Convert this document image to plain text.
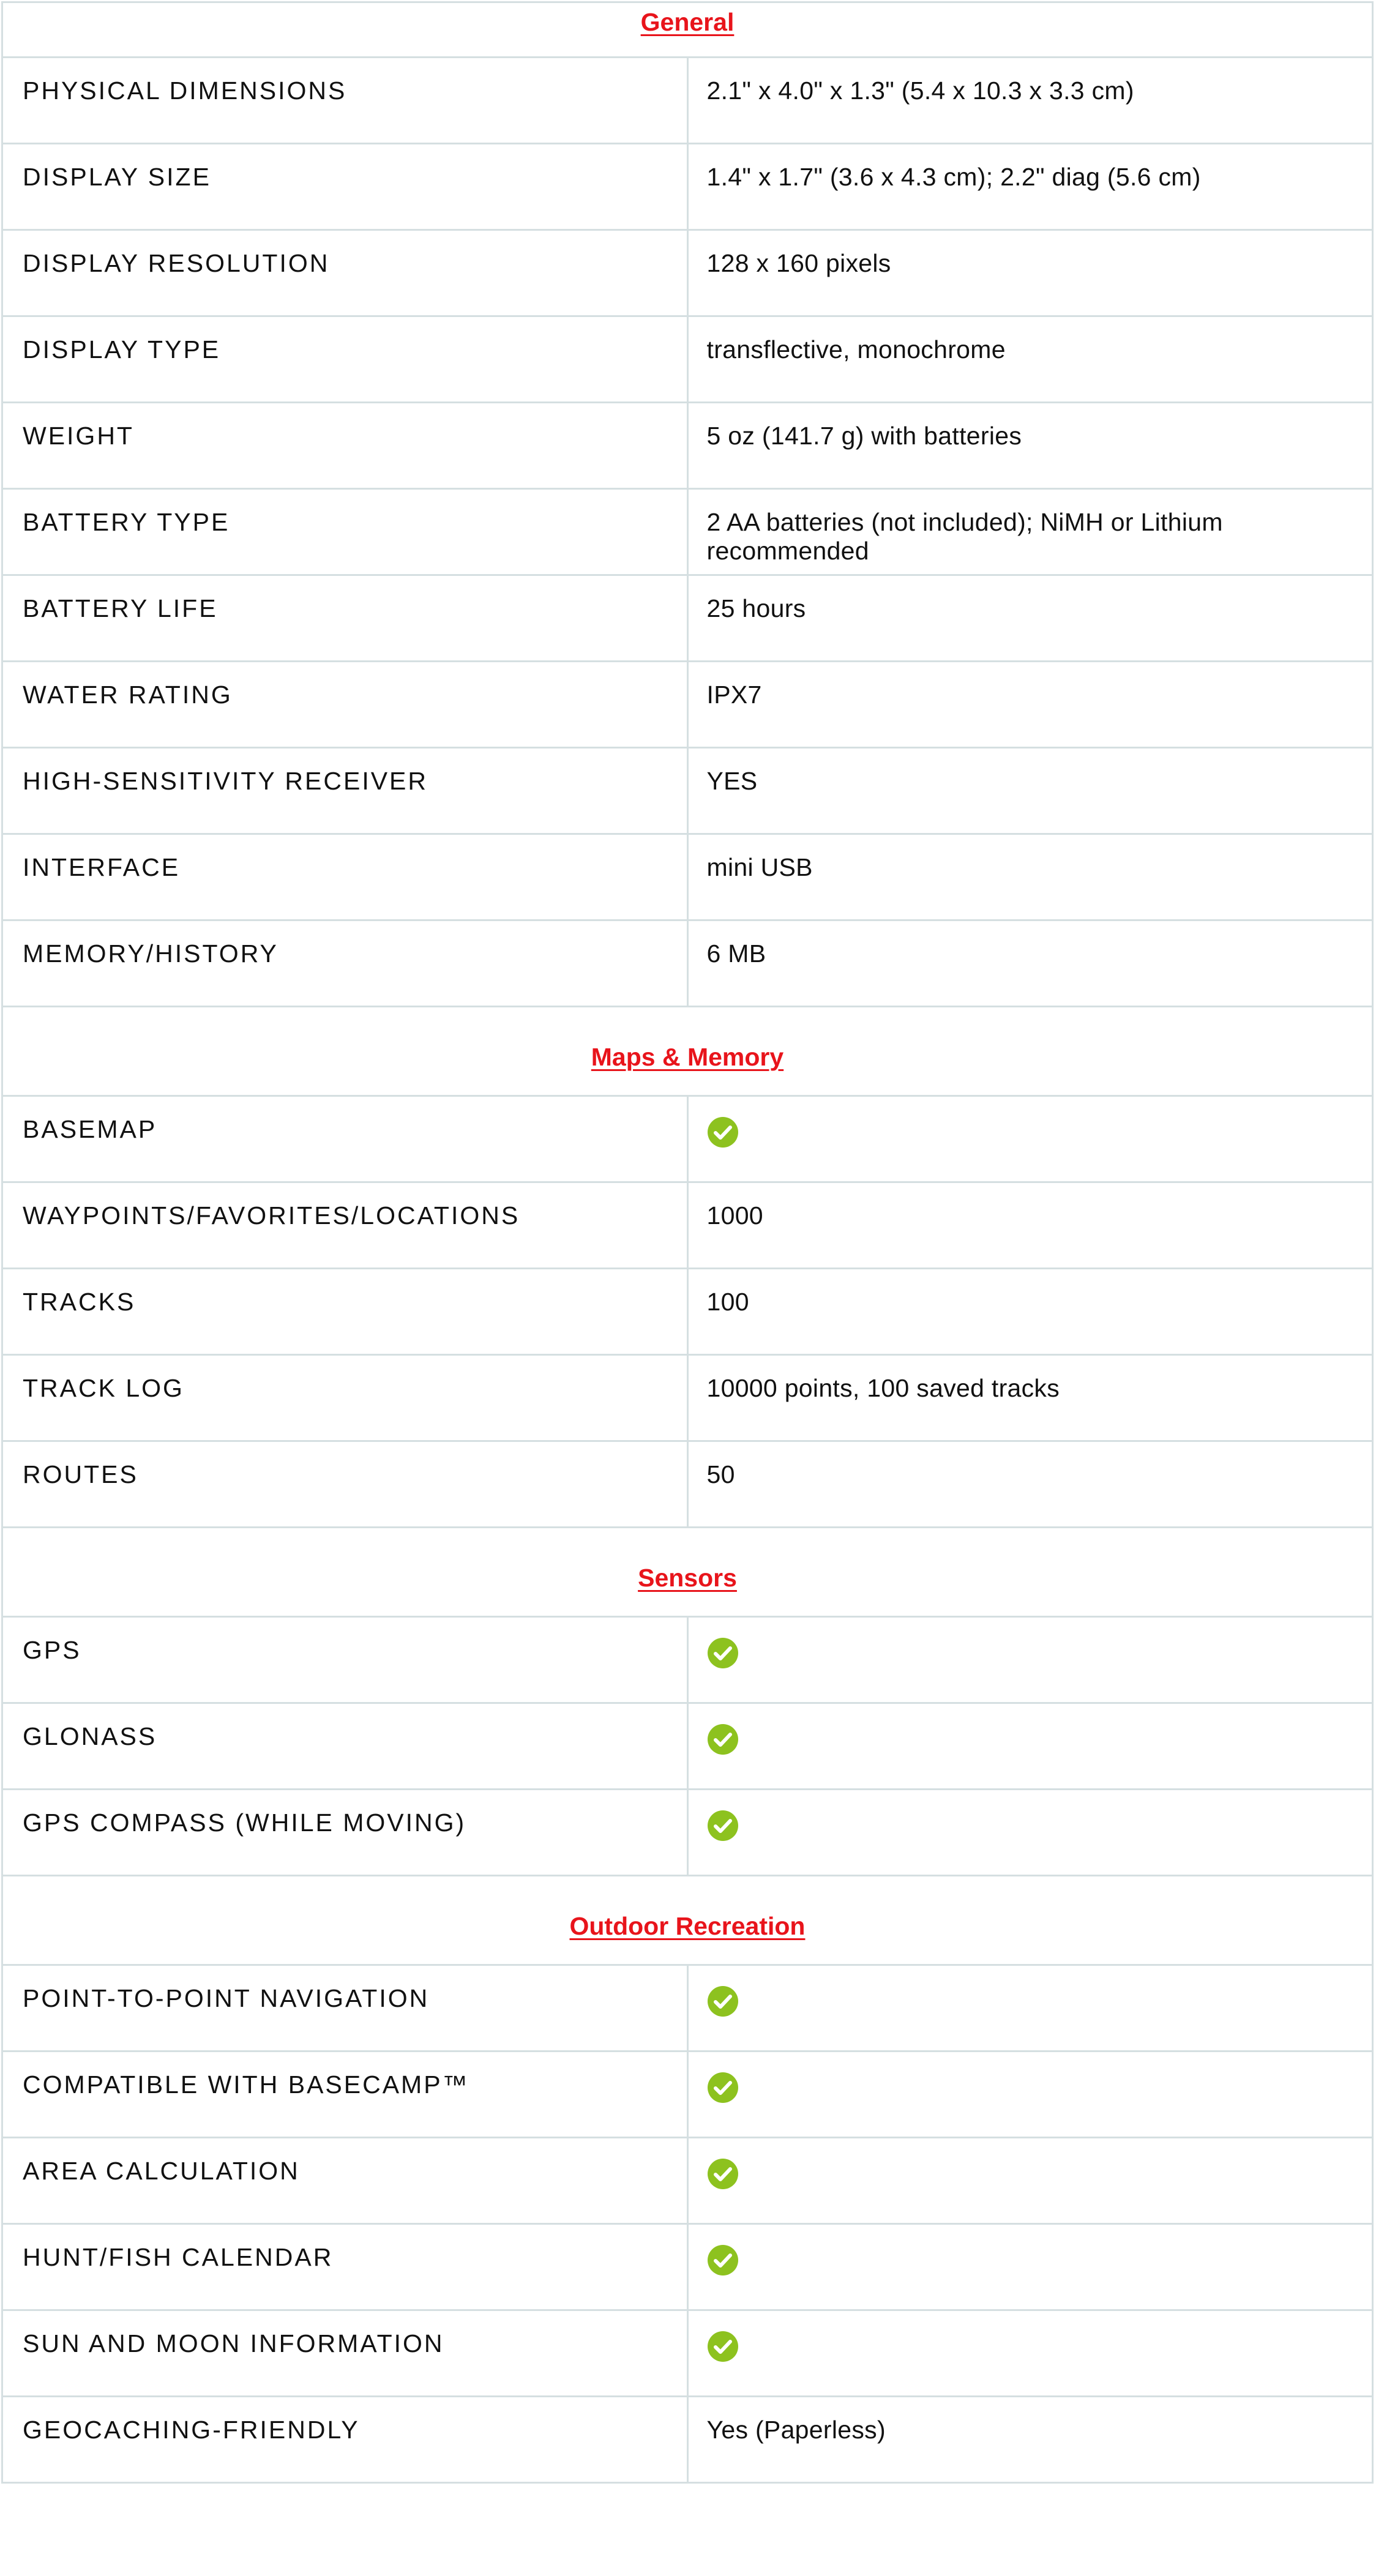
General	
PHYSICAL DIMENSIONS	2.1" x 4.0" x 1.3" (5.4 x 10.3 x 3.3 cm)
DISPLAY SIZE	1.4" x 1.7" (3.6 x 4.3 cm); 2.2" diag (5.6 cm)
DISPLAY RESOLUTION	128 x 160 pixels
DISPLAY TYPE	transflective, monochrome
WEIGHT	5 oz (141.7 g) with batteries
BATTERY TYPE	2 AA batteries (not included); NiMH or Lithium recommended
BATTERY LIFE	25 hours
WATER RATING	IPX7
HIGH-SENSITIVITY RECEIVER	YES
INTERFACE	mini USB
MEMORY/HISTORY	6 MB
Maps & Memory	
BASEMAP	
WAYPOINTS/FAVORITES/LOCATIONS	1000
TRACKS	100
TRACK LOG	10000 points, 100 saved tracks
ROUTES	50
Sensors	
GPS	
GLONASS	
GPS COMPASS (WHILE MOVING)	
Outdoor Recreation	
POINT-TO-POINT NAVIGATION	
COMPATIBLE WITH BASECAMP™	
AREA CALCULATION	
HUNT/FISH CALENDAR	
SUN AND MOON INFORMATION	
GEOCACHING-FRIENDLY	Yes (Paperless)
